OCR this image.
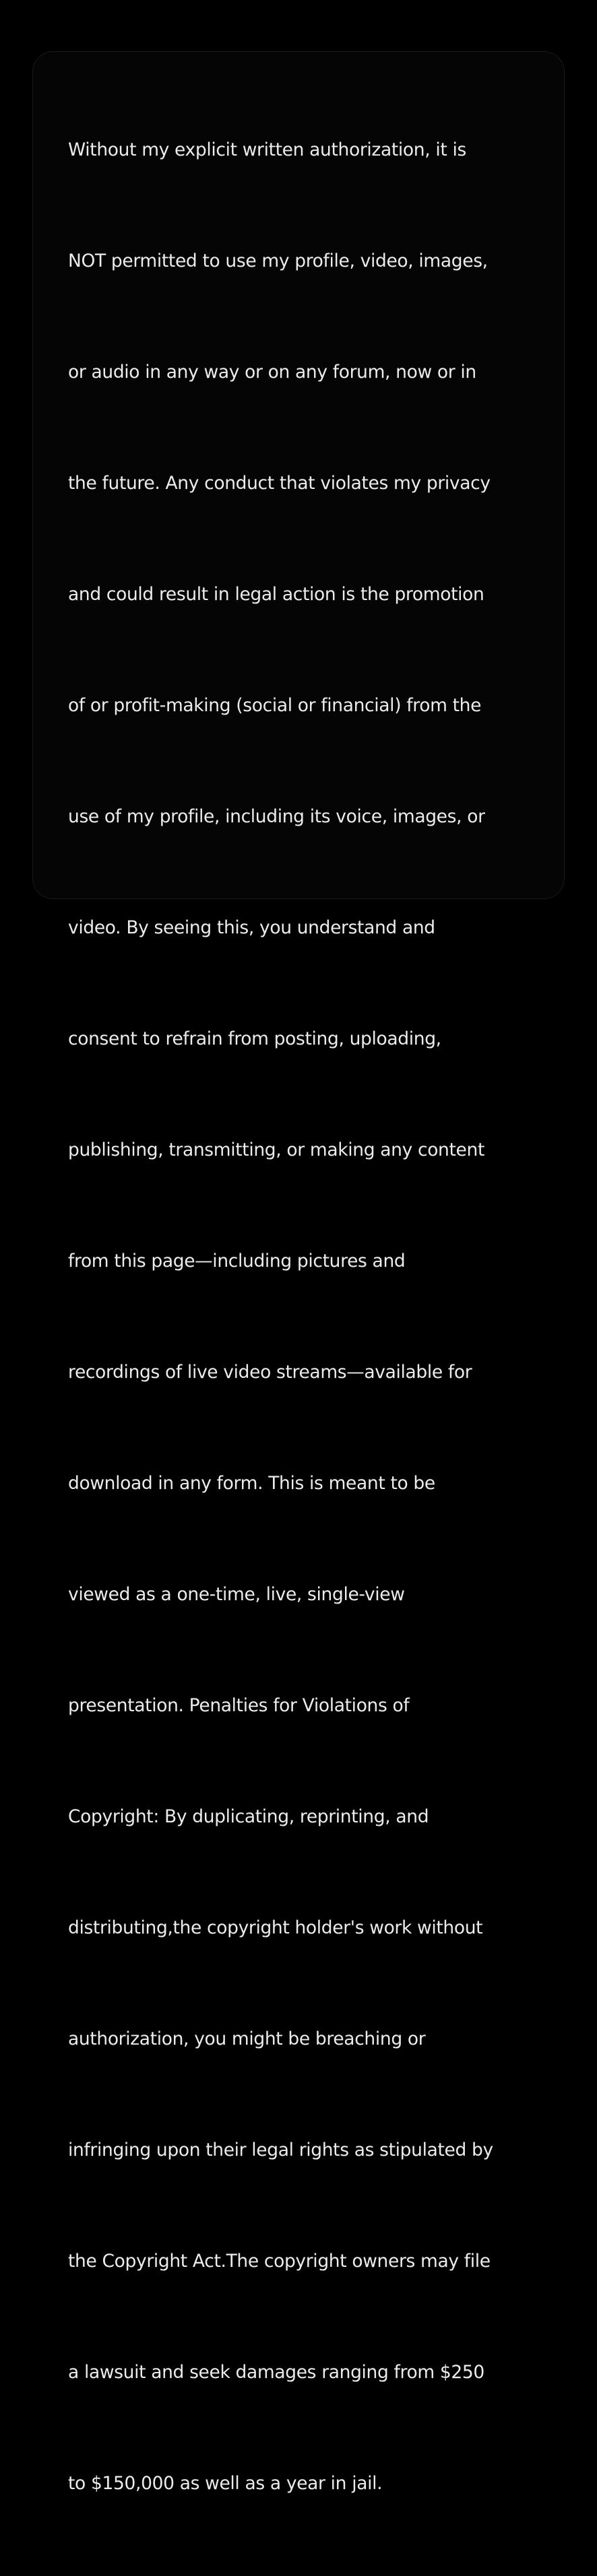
Without my explicit written authorization, it is

NOT permitted to use my profile, video, images,

or audio in any way or on any forum, now or in

the future. Any conduct that violates my privacy

and could result in legal action is the promotion

of or profit-making (social or financial) from the

use of my profile, including its voice, images, or

video. By seeing this, you understand and

consent to refrain from posting, uploading,

publishing, transmitting, or making any content

from this page—including pictures and

recordings of live video streams—available for

download in any form. This is meant to be

viewed as a one-time, live, single-view

presentation. Penalties for Violations of

Copyright: By duplicating, reprinting, and

distributing,the copyright holder's work without

authorization, you might be breaching or

infringing upon their legal rights as stipulated by

the Copyright Act.The copyright owners may file

a lawsuit and seek damages ranging from $250

to $150,000 as well as a year in jail.
